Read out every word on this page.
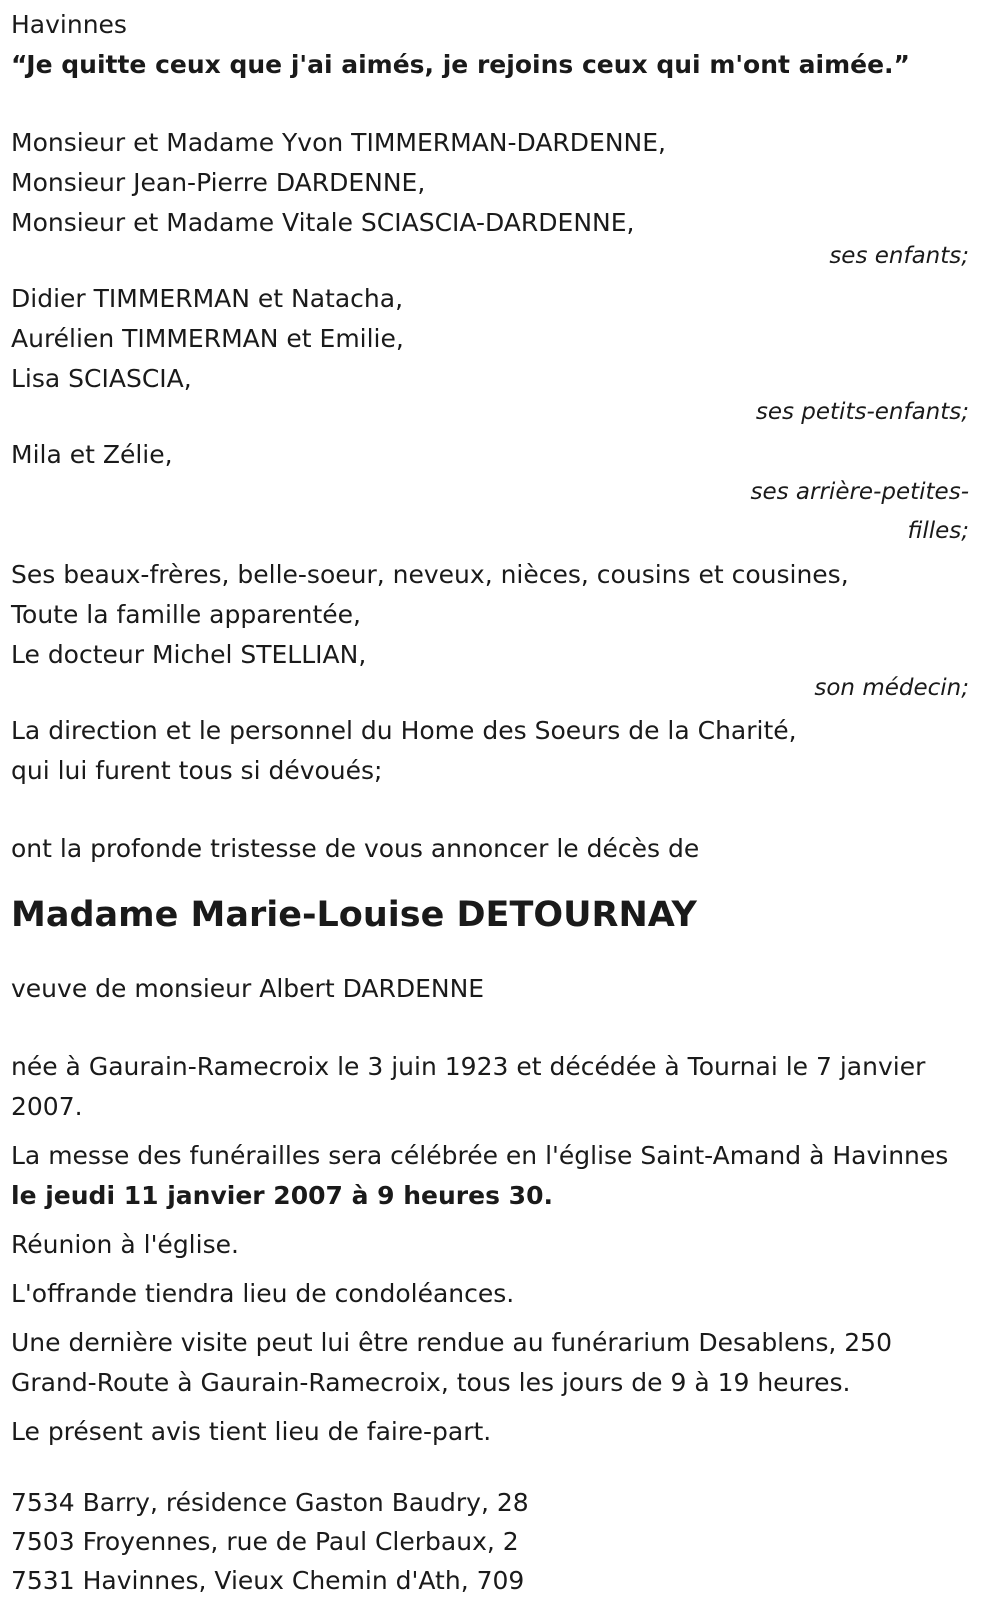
Havinnes

“Je quitte ceux que j'ai aimés, je rejoins ceux qui m'ont aimée.”

Monsieur et Madame Yvon TIMMERMAN-DARDENNE,

Monsieur Jean-Pierre DARDENNE,

Monsieur et Madame Vitale SCIASCIA-DARDENNE,

ses enfants;

Didier TIMMERMAN et Natacha,

Aurélien TIMMERMAN et Emilie,

Lisa SCIASCIA,

ses petits-enfants;

Mila et Zélie,

ses arrière-petites-
filles;

Ses beaux-frères, belle-soeur, neveux, nièces, cousins et cousines,

Toute la famille apparentée,

Le docteur Michel STELLIAN,

son médecin;

La direction et le personnel du Home des Soeurs de la Charité,

qui lui furent tous si dévoués;

ont la profonde tristesse de vous annoncer le décès de

Madame Marie-Louise DETOURNAY

veuve de monsieur Albert DARDENNE

née à Gaurain-Ramecroix le 3 juin 1923 et décédée à Tournai le 7 janvier 2007.

La messe des funérailles sera célébrée en l'église Saint-Amand à Havinnes le jeudi 11 janvier 2007 à 9 heures 30.

Réunion à l'église.

L'offrande tiendra lieu de condoléances.

Une dernière visite peut lui être rendue au funérarium Desablens, 250 Grand-Route à Gaurain-Ramecroix, tous les jours de 9 à 19 heures.

Le présent avis tient lieu de faire-part.

7534 Barry, résidence Gaston Baudry, 28

7503 Froyennes, rue de Paul Clerbaux, 2

7531 Havinnes, Vieux Chemin d'Ath, 709
